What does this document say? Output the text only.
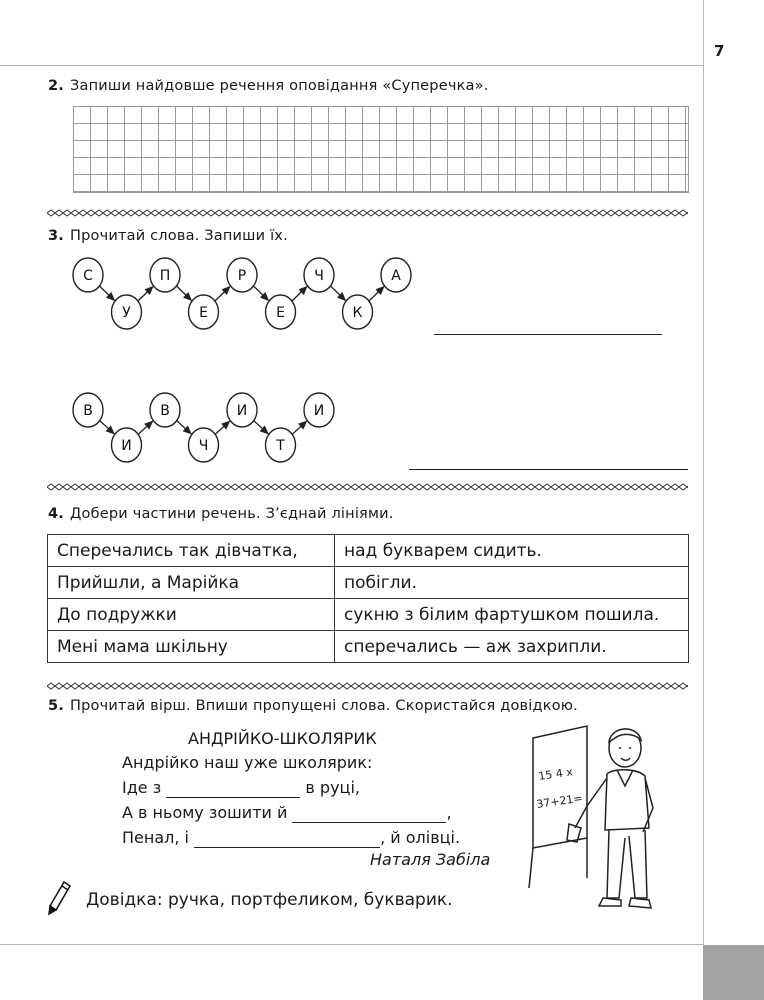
7
2. Запиши найдовше речення оповідання «Суперечка».
3. Прочитай слова. Запиши їх.
С
У
П
Е
Р
Е
Ч
К
А
В
И
В
Ч
И
Т
И
4. Добери частини речень. З’єднай лініями.
Сперечались так дівчатка,	над букварем сидить.
Прийшли, а Марійка	побігли.
До подружки	сукню з білим фартушком пошила.
Мені мама шкільну	сперечались — аж захрипли.
5. Прочитай вірш. Впиши пропущені слова. Скористайся довідкою.
АНДРІЙКО-ШКОЛЯРИК
Андрійко наш уже школярик:
Іде з	в руці,
А в ньому зошити й	,
Пенал, і	, й олівці.
Наталя Забіла
15 4 x
37+21=
Довідка: ручка, портфеликом, букварик.
